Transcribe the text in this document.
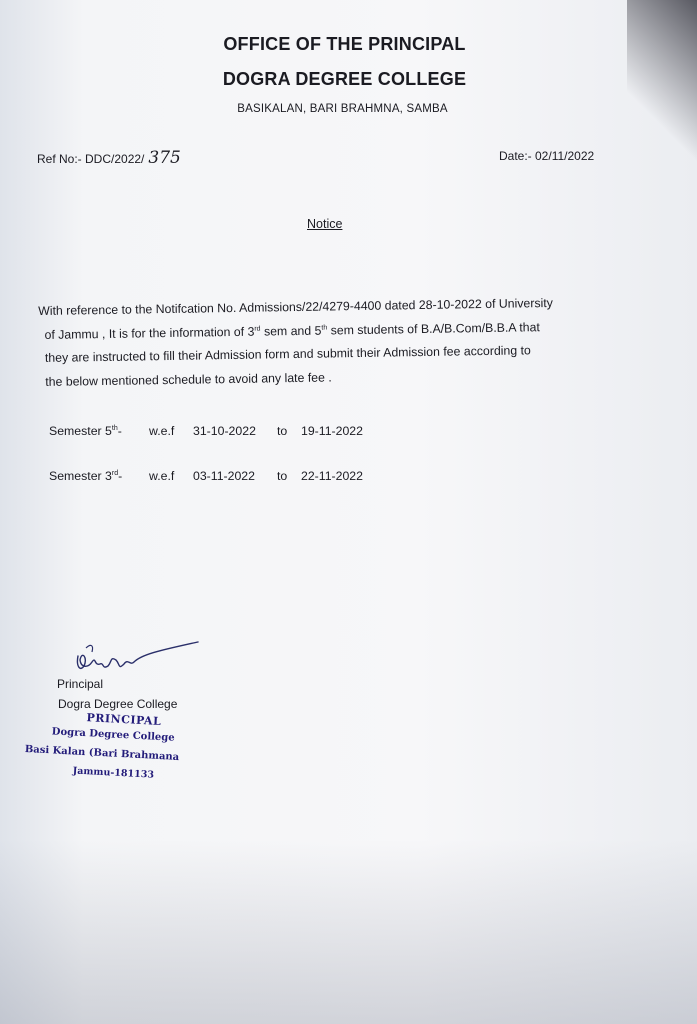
OFFICE OF THE PRINCIPAL
DOGRA DEGREE COLLEGE
BASIKALAN, BARI BRAHMNA, SAMBA
Ref No:- DDC/2022/ 375	Date:- 02/11/2022
Notice
With reference to the Notifcation No. Admissions/22/4279-4400 dated 28-10-2022 of University
of Jammu , It is for the information of 3rd sem and 5th sem students of B.A/B.Com/B.B.A that
they are instructed to fill their Admission form and submit their Admission fee according to
the below mentioned schedule to avoid any late fee .
Semester 5th- w.e.f 31-10-2022 to 19-11-2022
Semester 3rd- w.e.f 03-11-2022 to 22-11-2022
Principal
Dogra Degree College
PRINCIPAL
Dogra Degree College
Basi Kalan (Bari Brahmana
Jammu-181133
